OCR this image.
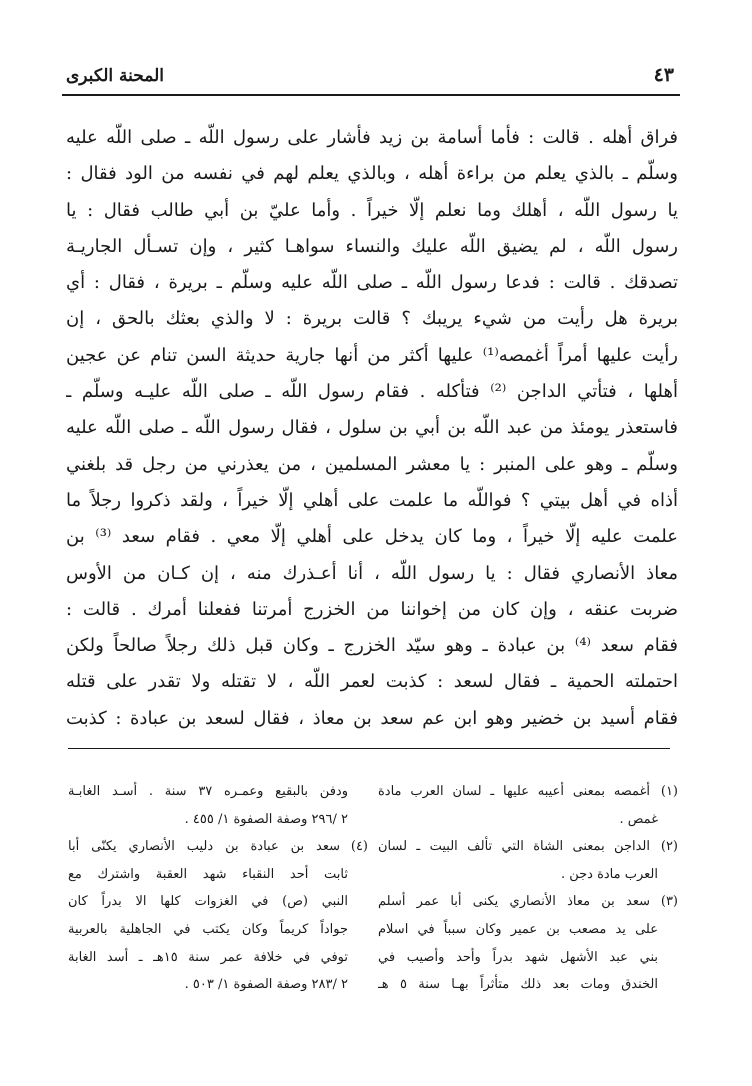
٤٣
المحنة الكبرى
فراق أهله . قالت : فأما أسامة بن زيد فأشار على رسول اللّه ـ صلى اللّه عليه
وسلّم ـ بالذي يعلم من براءة أهله ، وبالذي يعلم لهم في نفسه من الود فقال :
يا رسول اللّه ، أهلك وما نعلم إلّا خيراً . وأما عليّ بن أبي طالب فقال : يا
رسول اللّه ، لم يضيق اللّه عليك والنساء سواهـا كثير ، وإن تسـأل الجاريـة
تصدقك . قالت : فدعا رسول اللّه ـ صلى اللّه عليه وسلّم ـ بريرة ، فقال : أي
بريرة هل رأيت من شيء يريبك ؟ قالت بريرة : لا والذي بعثك بالحق ، إن
رأيت عليها أمراً أغمصه⁽¹⁾ عليها أكثر من أنها جارية حديثة السن تنام عن عجين
أهلها ، فتأتي الداجن ⁽²⁾ فتأكله . فقام رسول اللّه ـ صلى اللّه عليـه وسلّم ـ
فاستعذر يومئذ من عبد اللّه بن أبي بن سلول ، فقال رسول اللّه ـ صلى اللّه عليه
وسلّم ـ وهو على المنبر : يا معشر المسلمين ، من يعذرني من رجل قد بلغني
أذاه في أهل بيتي ؟ فواللّه ما علمت على أهلي إلّا خيراً ، ولقد ذكروا رجلاً ما
علمت عليه إلّا خيراً ، وما كان يدخل على أهلي إلّا معي . فقام سعد ⁽³⁾ بن
معاذ الأنصاري فقال : يا رسول اللّه ، أنا أعـذرك منه ، إن كـان من الأوس
ضربت عنقه ، وإن كان من إخواننا من الخزرج أمرتنا ففعلنا أمرك . قالت :
فقام سعد ⁽⁴⁾ بن عبادة ـ وهو سيّد الخزرج ـ وكان قبل ذلك رجلاً صالحاً ولكن
احتملته الحمية ـ فقال لسعد : كذبت لعمر اللّه ، لا تقتله ولا تقدر على قتله
فقام أسيد بن خضير وهو ابن عم سعد بن معاذ ، فقال لسعد بن عبادة : كذبت
(١)أغمصه بمعنى أعيبه عليها ـ لسان العرب مادة
غمص .
(٢)الداجن بمعنى الشاة التي تألف البيت ـ لسان
العرب مادة دجن .
(٣)سعد بن معاذ الأنصاري يكنى أبا عمر أسلم
على يد مصعب بن عمير وكان سبباً في اسلام
بني عبد الأشهل شهد بدراً وأحد وأصيب في
الخندق ومات بعد ذلك متأثراً بهـا سنة ٥ هـ
ودفن بالبقيع وعمـره ٣٧ سنة . أسـد الغابـة
٢ /٢٩٦ وصفة الصفوة ١/ ٤٥٥ .
(٤)سعد بن عبادة بن دليب الأنصاري يكنّى أبا
ثابت أحد النقباء شهد العقبة واشترك مع
النبي (ص) في الغزوات كلها الا بدراً كان
جواداً كريماً وكان يكتب في الجاهلية بالعربية
توفي في خلافة عمر سنة ١٥هـ ـ أسد الغابة
٢ /٢٨٣ وصفة الصفوة ١/ ٥٠٣ .
